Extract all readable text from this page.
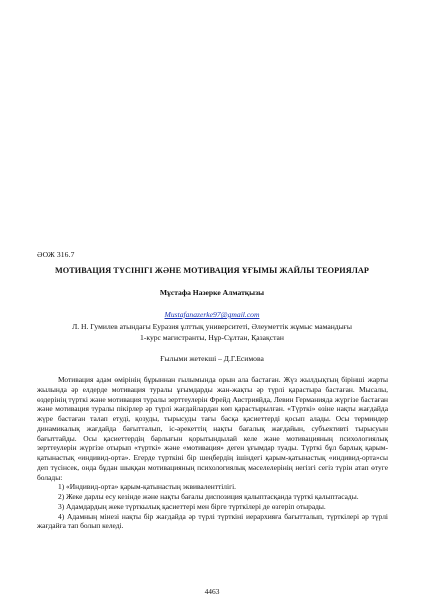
ӘОЖ 316.7
МОТИВАЦИЯ ТҮСІНІГІ ЖӘНЕ МОТИВАЦИЯ ҰҒЫМЫ ЖАЙЛЫ ТЕОРИЯЛАР
Мұстафа Назерке Алматқызы
Mustafanazerke97@gmail.com
Л. Н. Гумилев атындағы Еуразия ұлттық университеті, Әлеуметтік жұмыс мамандығы
1-курс магистранты, Нұр-Сұлтан, Қазақстан
Ғылыми жетекші – Д.Г.Есимова

Мотивация адам өмірінің бұрыннан ғылымында орын ала бастаған. Жүз жылдықтың бірінші жарты жылында әр елдерде мотивация туралы ұғымдарды жан-жақты әр түрлі қарастыра бастаған. Мысалы, өздерінің түрткі және мотивация туралы зерттеулерін Фрейд Австрияйда, Левин Германияда жүргізе бастаған және мотивация туралы пікірлер әр түрлі жағдайлардан көп қарастырылған. «Түрткі» өзіне нақты жағдайда жүре бастаған талап етуді, қозуды, тырысуды тағы басқа қасиеттерді қосып алады. Осы терминдер динамикалық жағдайда бағытталып, іс-әрекеттің нақты бағалық жағдайын, субъективті тырысуын бағыттайды. Осы қасиеттердің барлығын қорытындылай келе және мотивацияның психологиялық зерттеулерін жүргізе отырып «түрткі» және «мотивация» деген ұғымдар туады. Түрткі бұл барлық қарым-қатынастық «индивид-орта». Егерде түрткіні бір шеңбердің ішіндегі қарым-қатынастық «индивид-орта»сы деп түсінсек, онда бұдан шыққан мотивацияның психологиялық мәселелерінің негізгі сегіз түрін атап өтуге болады:

1) «Индивид-орта» қарым-қатынастың эквиваленттілігі.

2) Жеке дарлы есу кезінде және нақты бағалы диспозиция қалыптасқанда түрткі қалыптасады.

3) Адамдардың жеке түрткылық қасиеттері мен бірге түрткілері де өзгеріп отырады.

4) Адамның мінезі нақты бір жағдайда әр түрлі түрткіні иерархияға бағытталып, түрткілері әр түрлі жағдайға тап болып келеді.

4463
